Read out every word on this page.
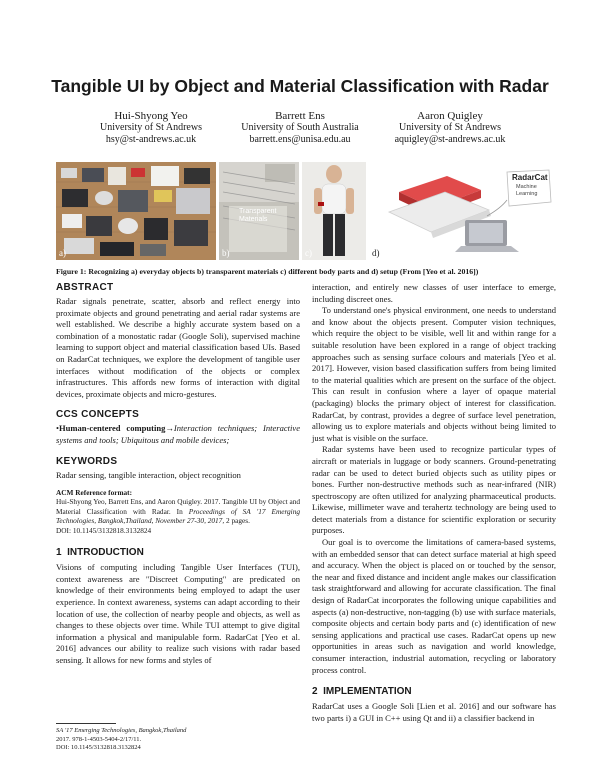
Tangible UI by Object and Material Classification with Radar
Hui-Shyong Yeo
University of St Andrews
hsy@st-andrews.ac.uk
Barrett Ens
University of South Australia
barrett.ens@unisa.edu.au
Aaron Quigley
University of St Andrews
aquigley@st-andrews.ac.uk
a)
Transparent Materials
b)	c)
RadarCat
Machine
Learning
d)
Figure 1: Recognizing a) everyday objects b) transparent materials c) different body parts and d) setup (From [Yeo et al. 2016])
ABSTRACT

Radar signals penetrate, scatter, absorb and reflect energy into proximate objects and ground penetrating and aerial radar systems are well established. We describe a highly accurate system based on a combination of a monostatic radar (Google Soli), supervised machine learning to support object and material classification based UIs. Based on RadarCat techniques, we explore the development of tangible user interfaces without modification of the objects or complex infrastructures. This affords new forms of interaction with digital devices, proximate objects and micro-gestures.

CCS CONCEPTS

•Human-centered computing→Interaction techniques; Interactive systems and tools; Ubiquitous and mobile devices;

KEYWORDS

Radar sensing, tangible interaction, object recognition

ACM Reference format:

Hui-Shyong Yeo, Barrett Ens, and Aaron Quigley. 2017. Tangible UI by Object and Material Classification with Radar. In Proceedings of SA '17 Emerging Technologies, Bangkok,Thailand, November 27-30, 2017, 2 pages.

DOI: 10.1145/3132818.3132824

1 INTRODUCTION

Visions of computing including Tangible User Interfaces (TUI), context awareness are "Discreet Computing" are predicated on knowledge of their environments being employed to adapt the user experience. In context awareness, systems can adapt according to their location of use, the collection of nearby people and objects, as well as changes to these objects over time. While TUI attempt to give digital information a physical and manipulable form. RadarCat [Yeo et al. 2016] advances our ability to realize such visions with radar based sensing. It allows for new forms and styles of

SA '17 Emerging Technologies, Bangkok,Thailand
2017. 978-1-4503-5404-2/17/11.
DOI: 10.1145/3132818.3132824

interaction, and entirely new classes of user interface to emerge, including discreet ones.

To understand one's physical environment, one needs to understand and know about the objects present. Computer vision techniques, which require the object to be visible, well lit and within range for a suitable resolution have been explored in a range of object tracking approaches such as sensing surface colours and materials [Yeo et al. 2017]. However, vision based classification suffers from being limited to the material qualities which are present on the surface of the object. This can result in confusion where a layer of opaque material (packaging) blocks the primary object of interest for classification. RadarCat, by contrast, provides a degree of surface level penetration, allowing us to explore materials and objects without being limited to just what is visible on the surface.

Radar systems have been used to recognize particular types of aircraft or materials in luggage or body scanners. Ground-penetrating radar can be used to detect buried objects such as utility pipes or bones. Further non-destructive methods such as near-infrared (NIR) spectroscopy are often utilized for analyzing pharmaceutical products. Likewise, millimeter wave and terahertz technology are being used to detect materials from a distance for scientific exploration or security purposes.

Our goal is to overcome the limitations of camera-based systems, with an embedded sensor that can detect surface material at high speed and accuracy. When the object is placed on or touched by the sensor, the near and fixed distance and incident angle makes our classification task straightforward and allowing for accurate classification. The final design of RadarCat incorporates the following unique capabilities and aspects (a) non-destructive, non-tagging (b) use with surface materials, composite objects and certain body parts and (c) identification of new sensing applications and practical use cases. RadarCat opens up new opportunities in areas such as navigation and world knowledge, consumer interaction, industrial automation, recycling or laboratory process control.

2 IMPLEMENTATION

RadarCat uses a Google Soli [Lien et al. 2016] and our software has two parts i) a GUI in C++ using Qt and ii) a classifier backend in
